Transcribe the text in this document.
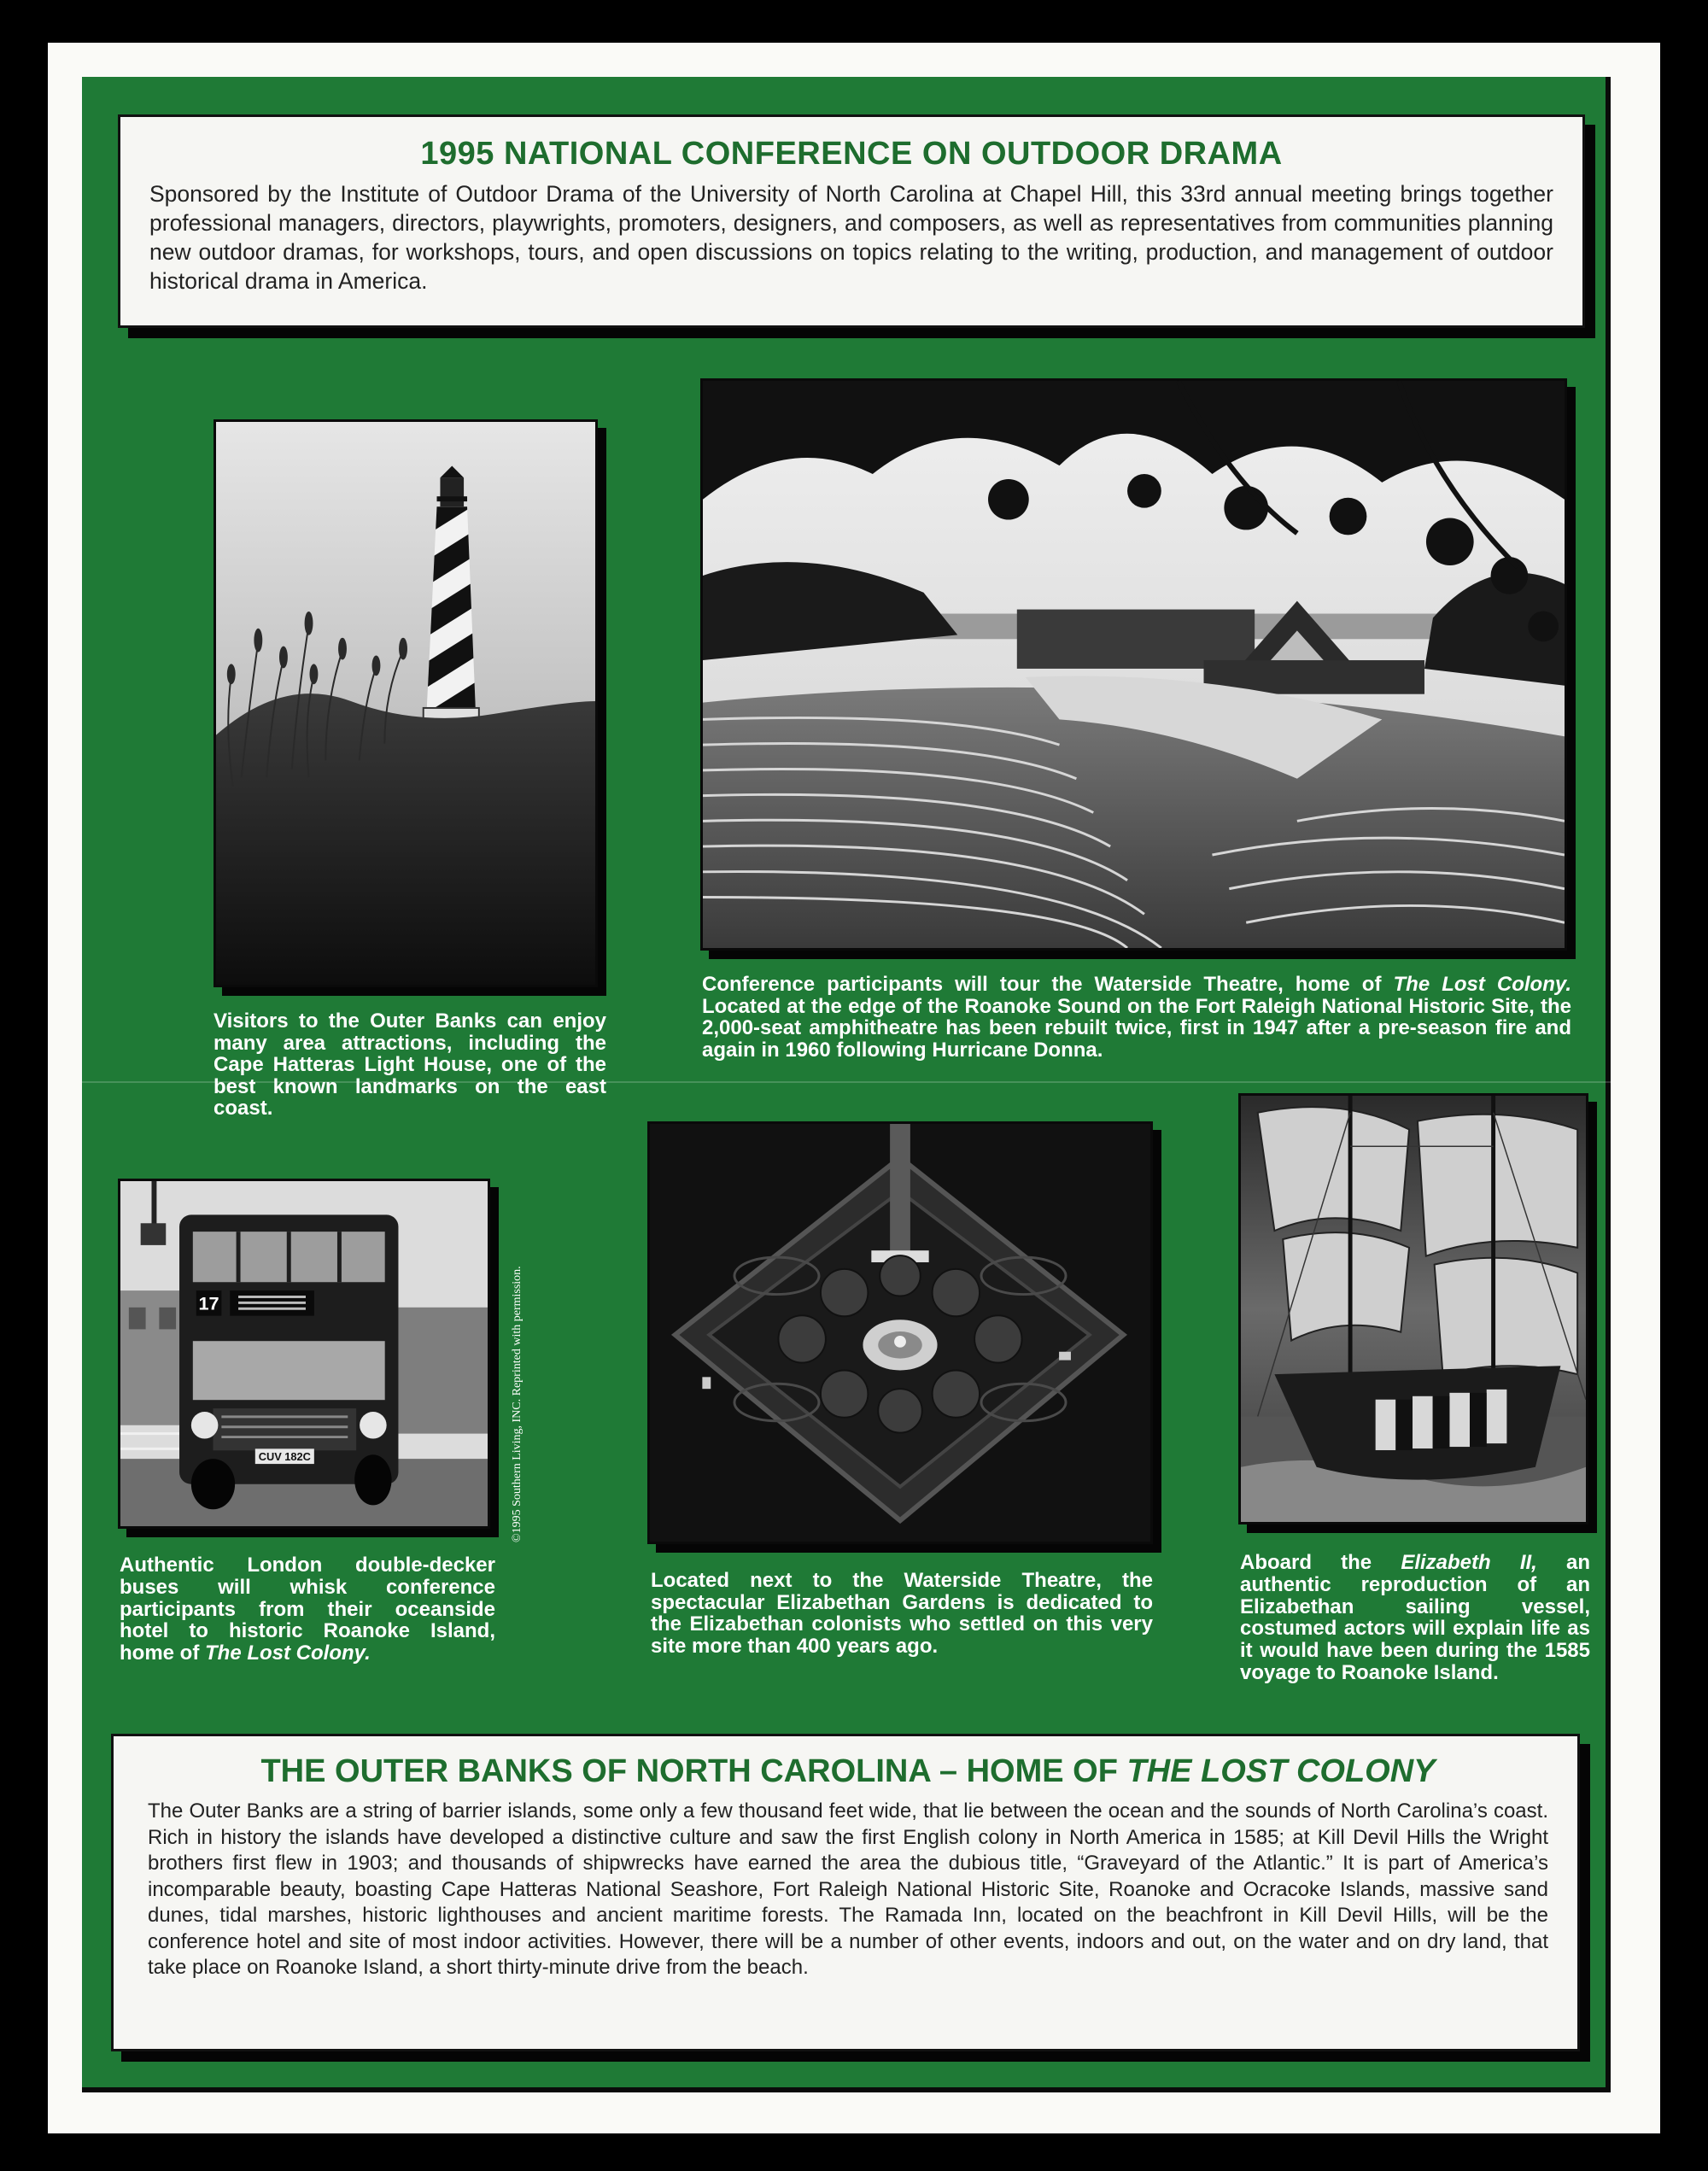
1995 NATIONAL CONFERENCE ON OUTDOOR DRAMA

Sponsored by the Institute of Outdoor Drama of the University of North Carolina at Chapel Hill, this 33rd annual meeting brings together professional managers, directors, playwrights, promoters, designers, and composers, as well as representatives from communities planning new outdoor dramas, for workshops, tours, and open discussions on topics relating to the writing, production, and management of outdoor historical drama in America.

Visitors to the Outer Banks can enjoy many area attractions, including the Cape Hatteras Light House, one of the best known landmarks on the east coast.
Conference participants will tour the Waterside Theatre, home of The Lost Colony. Located at the edge of the Roanoke Sound on the Fort Raleigh National Historic Site, the 2,000-seat amphitheatre has been rebuilt twice, first in 1947 after a pre-season fire and again in 1960 following Hurricane Donna.
17
CUV 182C	©1995 Southern Living, INC. Reprinted with permission.
Authentic London double-decker buses will whisk conference participants from their oceanside hotel to historic Roanoke Island, home of The Lost Colony.
Located next to the Waterside Theatre, the spectacular Elizabethan Gardens is dedicated to the Elizabethan colonists who settled on this very site more than 400 years ago.
Aboard the Elizabeth II, an authentic reproduction of an Elizabethan sailing vessel, costumed actors will explain life as it would have been during the 1585 voyage to Roanoke Island.
THE OUTER BANKS OF NORTH CAROLINA – HOME OF THE LOST COLONY

The Outer Banks are a string of barrier islands, some only a few thousand feet wide, that lie between the ocean and the sounds of North Carolina’s coast. Rich in history the islands have developed a distinctive culture and saw the first English colony in North America in 1585; at Kill Devil Hills the Wright brothers first flew in 1903; and thousands of shipwrecks have earned the area the dubious title, “Graveyard of the Atlantic.” It is part of America’s incomparable beauty, boasting Cape Hatteras National Seashore, Fort Raleigh National Historic Site, Roanoke and Ocracoke Islands, massive sand dunes, tidal marshes, historic lighthouses and ancient maritime forests. The Ramada Inn, located on the beachfront in Kill Devil Hills, will be the conference hotel and site of most indoor activities. However, there will be a number of other events, indoors and out, on the water and on dry land, that take place on Roanoke Island, a short thirty-minute drive from the beach.
